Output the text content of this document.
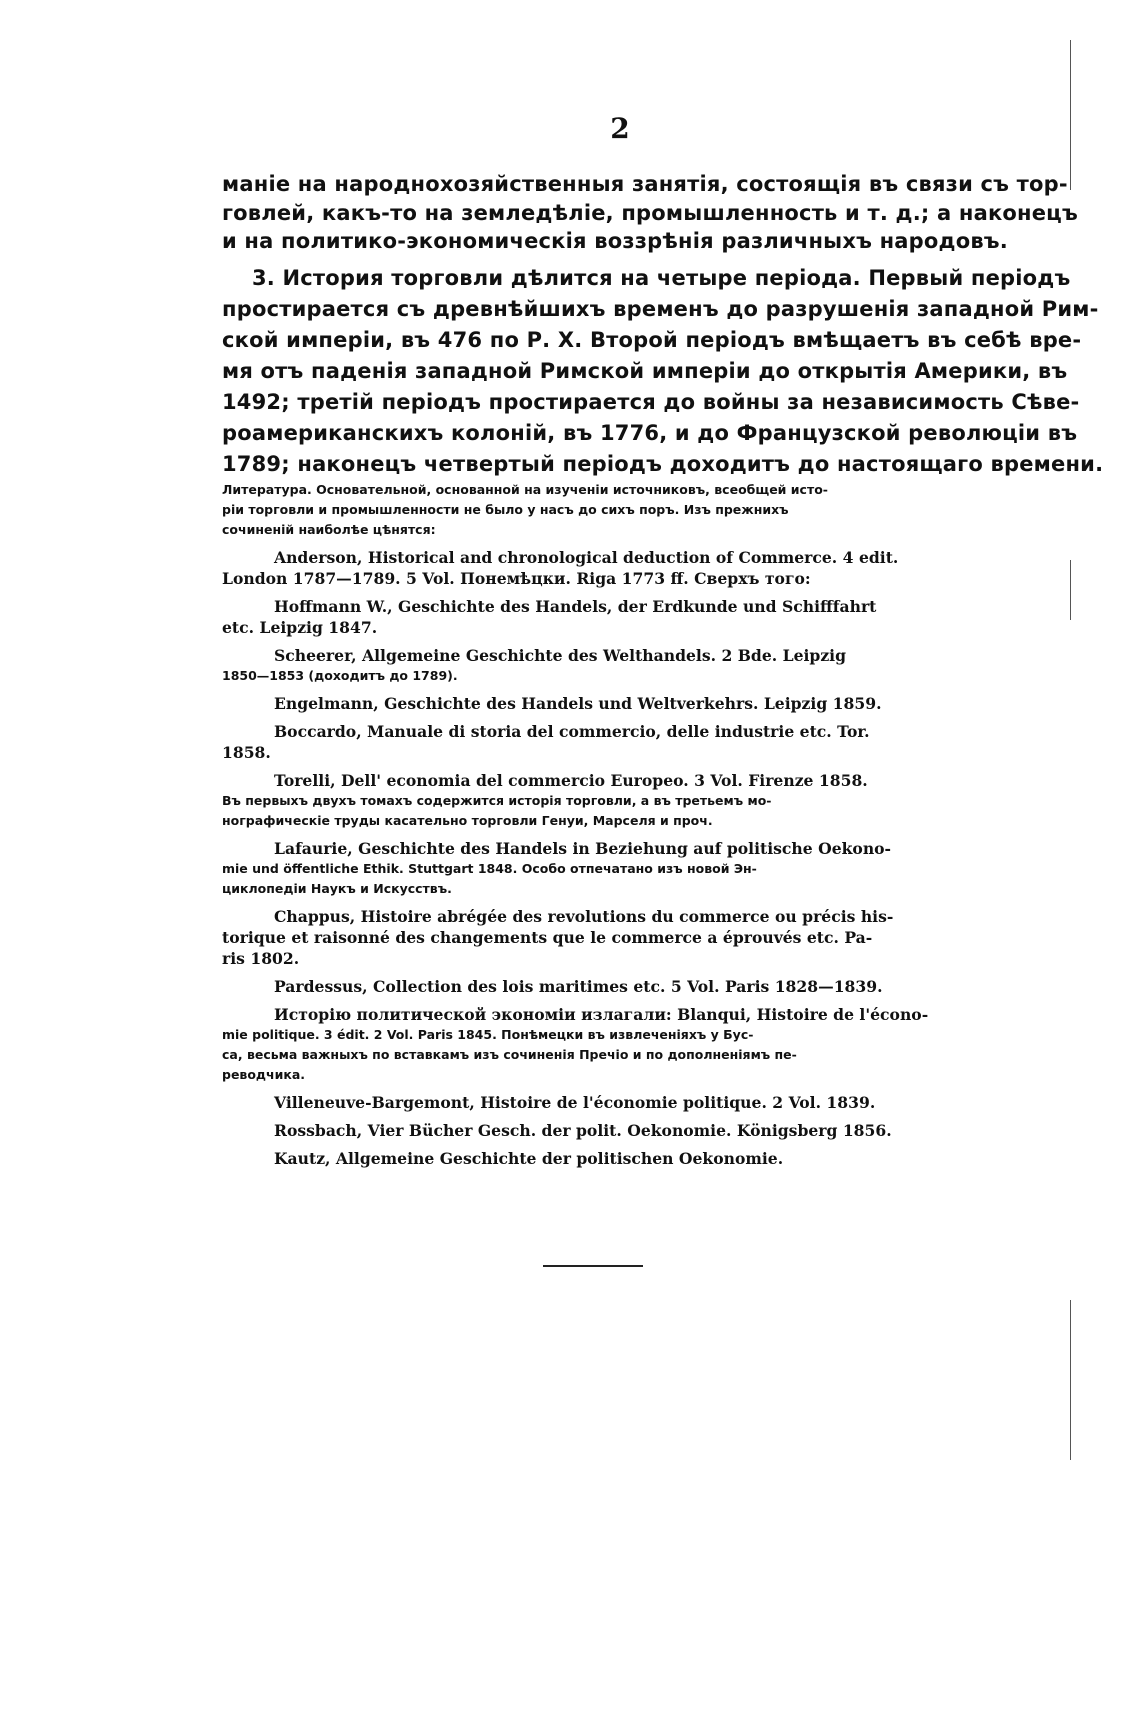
2
маніе на народнохозяйственныя занятія, состоящія въ связи съ тор-
говлей, какъ-то на земледѣліе, промышленность и т. д.; а наконецъ
и на политико-экономическія воззрѣнія различныхъ народовъ.
3. История торговли дѣлится на четыре періода. Первый періодъ
простирается съ древнѣйшихъ временъ до разрушенія западной Рим-
ской имперіи, въ 476 по Р. Х. Второй періодъ вмѣщаетъ въ себѣ вре-
мя отъ паденія западной Римской имперіи до открытія Америки, въ
1492; третій періодъ простирается до войны за независимость Сѣве-
роамериканскихъ колоній, въ 1776, и до Французской революціи въ
1789; наконецъ четвертый періодъ доходитъ до настоящаго времени.
Литература. Основательной, основанной на изученіи источниковъ, всеобщей исто-
ріи торговли и промышленности не было у насъ до сихъ поръ. Изъ прежнихъ
сочиненій наиболѣе цѣнятся:
Anderson, Historical and chronological deduction of Commerce. 4 edit.
London 1787—1789. 5 Vol. Понемѣцки. Riga 1773 ff. Сверхъ того:
Hoffmann W., Geschichte des Handels, der Erdkunde und Schifffahrt
etc. Leipzig 1847.
Scheerer, Allgemeine Geschichte des Welthandels. 2 Bde. Leipzig
1850—1853 (доходитъ до 1789).
Engelmann, Geschichte des Handels und Weltverkehrs. Leipzig 1859.
Boccardo, Manuale di storia del commercio, delle industrie etc. Tor.
1858.
Torelli, Dell' economia del commercio Europeo. 3 Vol. Firenze 1858.
Въ первыхъ двухъ томахъ содержится исторія торговли, а въ третьемъ мо-
нографическіе труды касательно торговли Генуи, Марселя и проч.
Lafaurie, Geschichte des Handels in Beziehung auf politische Oekono-
mie und öffentliche Ethik. Stuttgart 1848. Особо отпечатано изъ новой Эн-
циклопедіи Наукъ и Искусствъ.
Chappus, Histoire abrégée des revolutions du commerce ou précis his-
torique et raisonné des changements que le commerce a éprouvés etc. Pa-
ris 1802.
Pardessus, Collection des lois maritimes etc. 5 Vol. Paris 1828—1839.
Исторію политической экономіи излагали: Blanqui, Histoire de l'écono-
mie politique. 3 édit. 2 Vol. Paris 1845. Понѣмецки въ извлеченіяхъ у Бус-
са, весьма важныхъ по вставкамъ изъ сочиненія Пречіо и по дополненіямъ пе-
реводчика.
Villeneuve-Bargemont, Histoire de l'économie politique. 2 Vol. 1839.
Rossbach, Vier Bücher Gesch. der polit. Oekonomie. Königsberg 1856.
Kautz, Allgemeine Geschichte der politischen Oekonomie.
